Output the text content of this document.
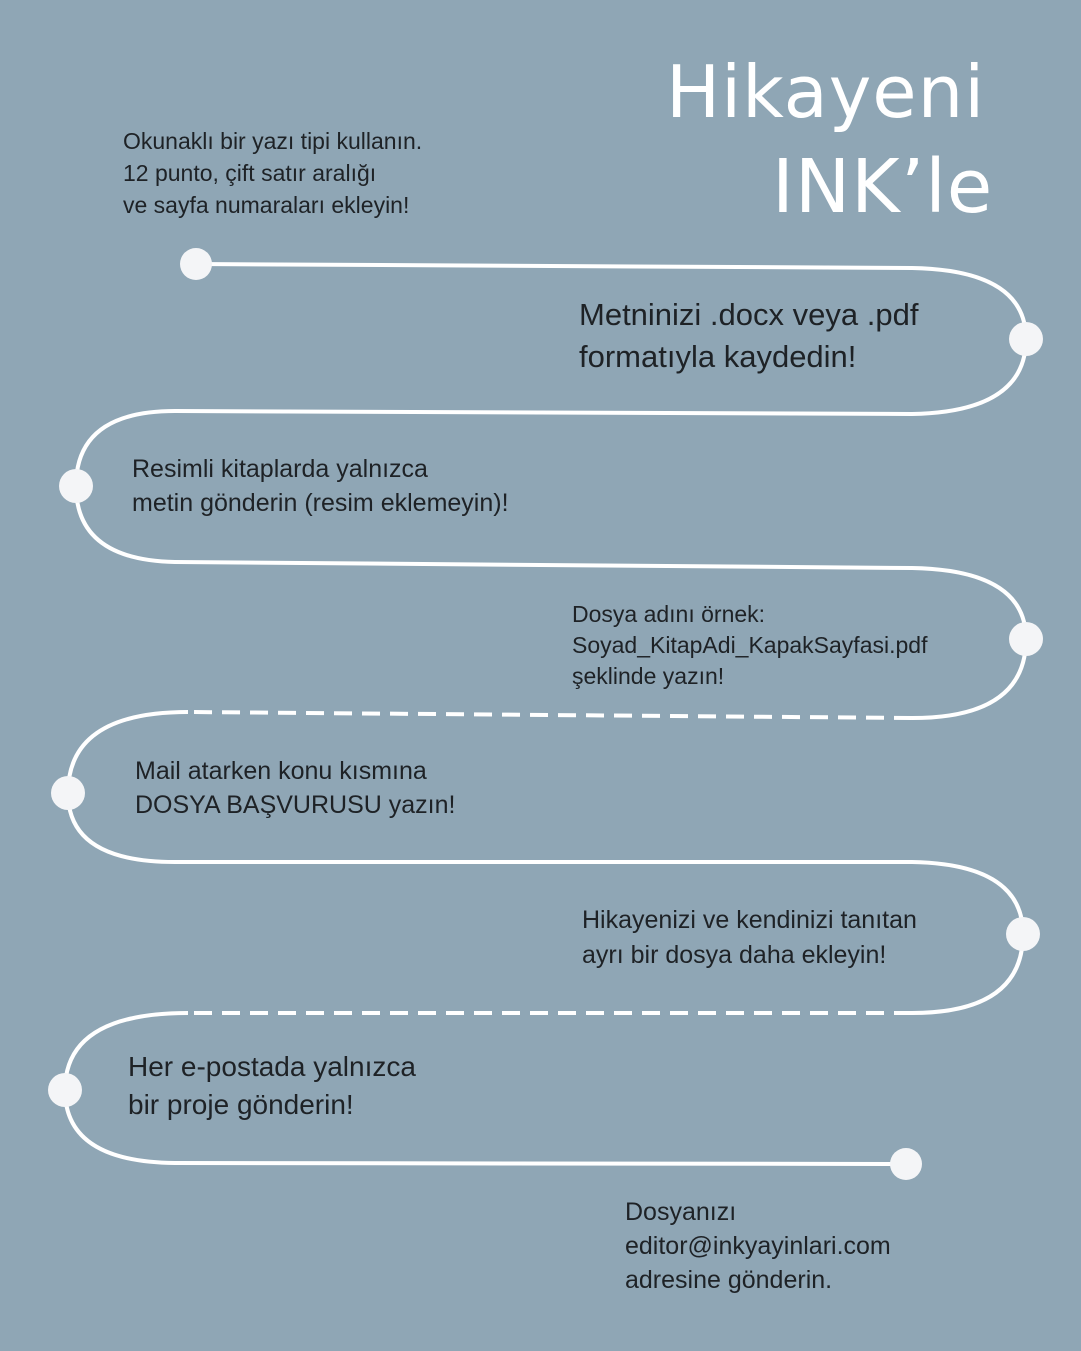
Hikayeni
INK’le
Okunaklı bir yazı tipi kullanın.
12 punto, çift satır aralığı
ve sayfa numaraları ekleyin!
Metninizi .docx veya .pdf
formatıyla kaydedin!
Resimli kitaplarda yalnızca
metin gönderin (resim eklemeyin)!
Dosya adını örnek:
Soyad_KitapAdi_KapakSayfasi.pdf
şeklinde yazın!
Mail atarken konu kısmına
DOSYA BAŞVURUSU yazın!
Hikayenizi ve kendinizi tanıtan
ayrı bir dosya daha ekleyin!
Her e-postada yalnızca
bir proje gönderin!
Dosyanızı
editor@inkyayinlari.com
adresine gönderin.
